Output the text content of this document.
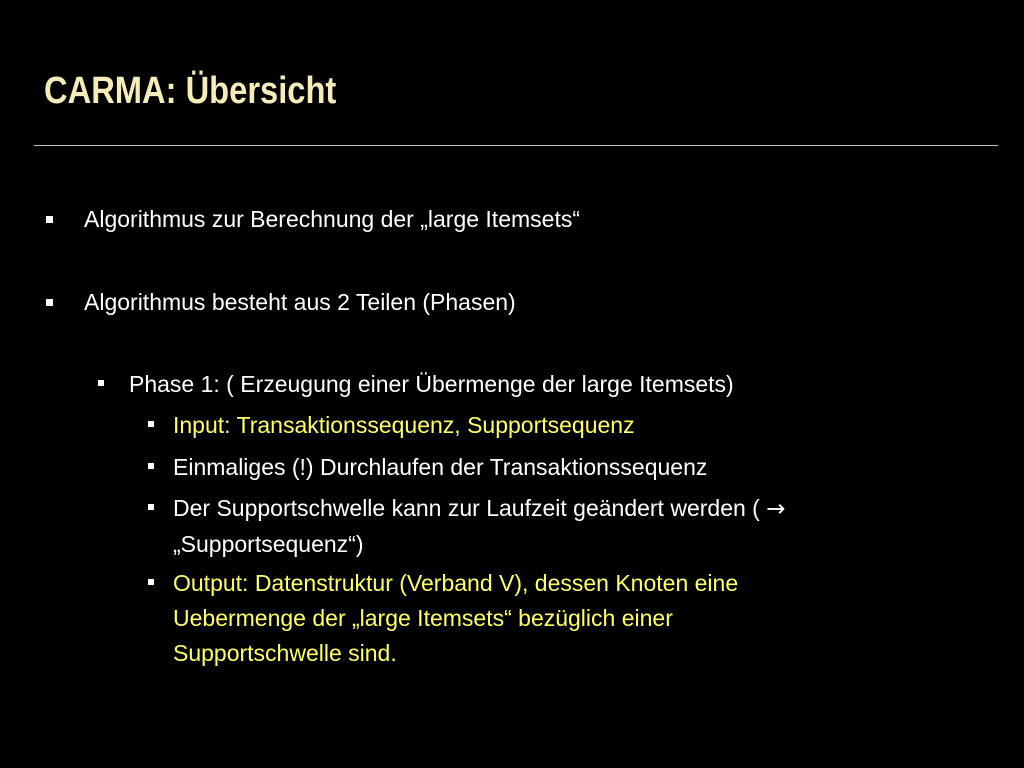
CARMA: Übersicht
Algorithmus zur Berechnung der „large Itemsets“
Algorithmus besteht aus 2 Teilen (Phasen)
Phase 1: ( Erzeugung einer Übermenge der large Itemsets)
Input: Transaktionssequenz, Supportsequenz
Einmaliges (!) Durchlaufen der Transaktionssequenz
Der Supportschwelle kann zur Laufzeit geändert werden ( →
„Supportsequenz“)
Output: Datenstruktur (Verband V), dessen Knoten eine
Uebermenge der „large Itemsets“ bezüglich einer
Supportschwelle sind.
